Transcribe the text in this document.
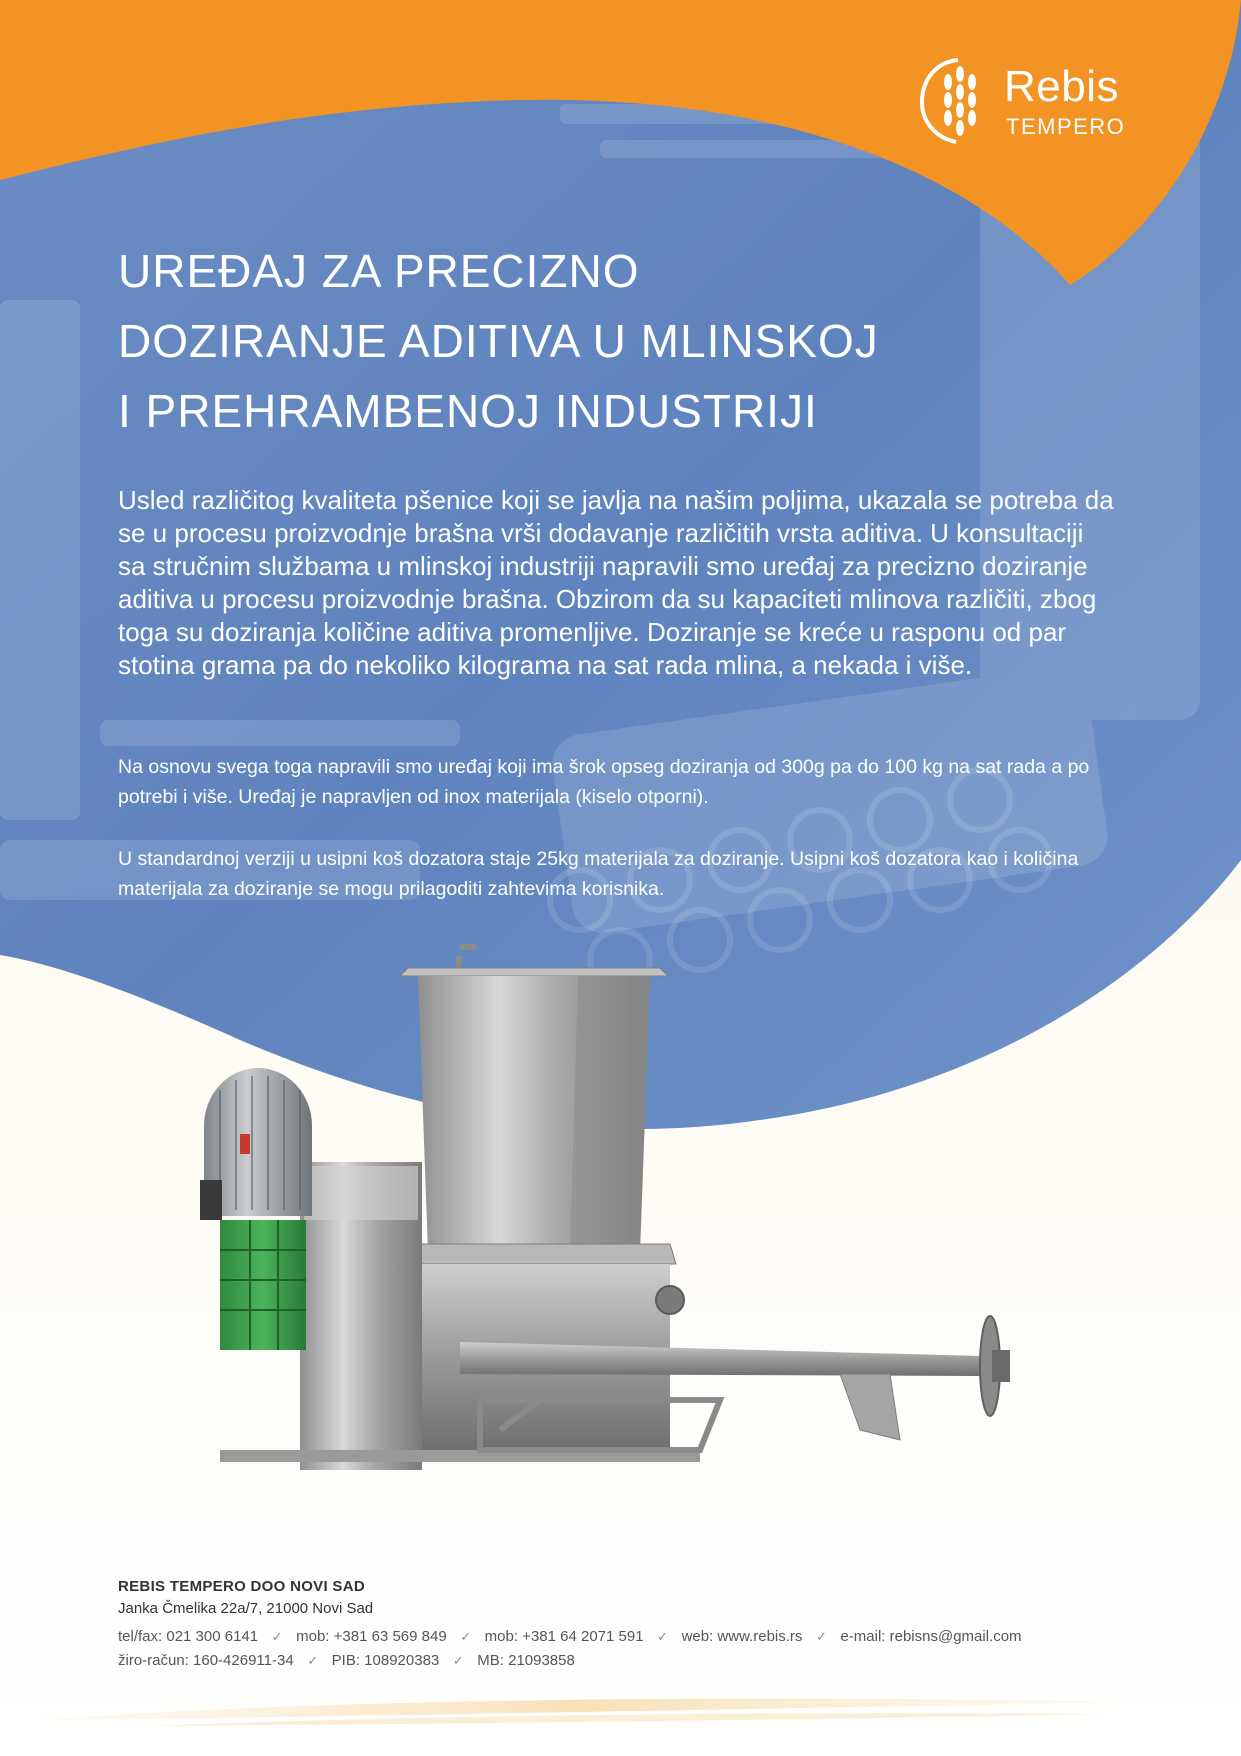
Rebis
TEMPERO
UREĐAJ ZA PRECIZNO
DOZIRANJE ADITIVA U MLINSKOJ
I PREHRAMBENOJ INDUSTRIJI

Usled različitog kvaliteta pšenice koji se javlja na našim poljima, ukazala se potreba da se u procesu proizvodnje brašna vrši dodavanje različitih vrsta aditiva. U konsultaciji sa stručnim službama u mlinskoj industriji napravili smo uređaj za precizno doziranje aditiva u procesu proizvodnje brašna. Obzirom da su kapaciteti mlinova različiti, zbog toga su doziranja količine aditiva promenljive. Doziranje se kreće u rasponu od par stotina grama pa do nekoliko kilograma na sat rada mlina, a nekada i više.

Na osnovu svega toga napravili smo uređaj koji ima šrok opseg doziranja od 300g pa do 100 kg na sat rada a po potrebi i više. Uređaj je napravljen od inox materijala (kiselo otporni).

U standardnoj verziji u usipni koš dozatora staje 25kg materijala za doziranje. Usipni koš dozatora kao i količina materijala za doziranje se mogu prilagoditi zahtevima korisnika.

REBIS TEMPERO DOO NOVI SAD
Janka Čmelika 22a/7, 21000 Novi Sad
tel/fax: 021 300 6141 ✓ mob: +381 63 569 849 ✓ mob: +381 64 2071 591 ✓ web: www.rebis.rs ✓ e-mail: rebisns@gmail.com
žiro-račun: 160-426911-34 ✓ PIB: 108920383 ✓ MB: 21093858
